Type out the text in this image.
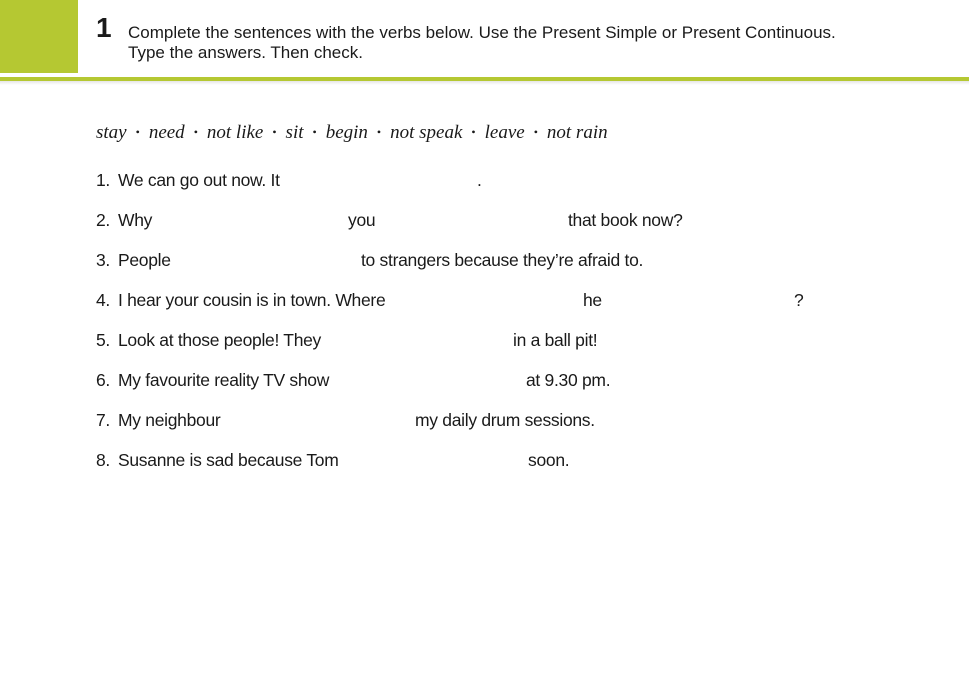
1 Complete the sentences with the verbs below. Use the Present Simple or Present Continuous.
Type the answers. Then check.
stay • need • not like • sit • begin • not speak • leave • not rain
1. We can go out now. It	.
2. Why	you	that book now?
3. People	to strangers because they’re afraid to.
4. I hear your cousin is in town. Where	he	?
5. Look at those people! They	in a ball pit!
6. My favourite reality TV show	at 9.30 pm.
7. My neighbour	my daily drum sessions.
8. Susanne is sad because Tom	soon.
